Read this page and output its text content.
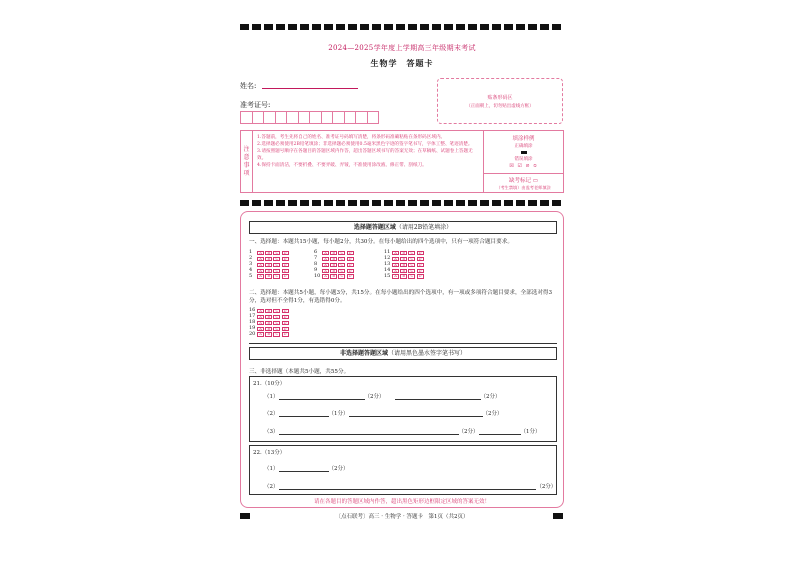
2024—2025学年度上学期高三年级期末考试
生物学　答题卡
姓名:
准考证号:
贴条形码区
（正面朝上，切勿贴出虚线方框）
注意事项
1.答题前，考生先将自己的姓名、准考证号码填写清楚，将条形码准确粘贴在条形码区域内。
2.选择题必须使用2B铅笔填涂；非选择题必须使用0.5毫米黑色字迹的签字笔书写，字体工整、笔迹清楚。
3.请按照题号顺序在各题目的答题区域内作答，超出答题区域书写的答案无效；在草稿纸、试题卷上答题无效。
4.保持卡面清洁，不要折叠、不要弄破、弄皱，不准使用涂改液、修正带、刮纸刀。
填涂样例
正确填涂
错误填涂
☒ ☑ ⊘ ⦸
缺考标记 ▭
（考生禁填）由监考老师填涂
选择题答题区域（请用2B铅笔填涂）
一、选择题：本题共15小题，每小题2分，共30分。在每小题给出的四个选项中，只有一项符合题目要求。
1	A	B	C	D
2	A	B	C	D
3	A	B	C	D
4	A	B	C	D
5	A	B	C	D
6	A	B	C	D
7	A	B	C	D
8	A	B	C	D
9	A	B	C	D
10	A	B	C	D
11	A	B	C	D
12	A	B	C	D
13	A	B	C	D
14	A	B	C	D
15	A	B	C	D
二、选择题：本题共5小题，每小题3分，共15分。在每小题给出的四个选项中，有一项或多项符合题目要求，全部选对得3分，选对但不全得1分，有选错得0分。
16	A	B	C	D
17	A	B	C	D
18	A	B	C	D
19	A	B	C	D
20	A	B	C	D
非选择题答题区域（请用黑色墨水签字笔书写）
三、非选择题（本题共5小题，共55分。
21.（10分）
（1）	（2分）	（2分）
（2）	（1分）	（2分）
（3）	（2分）	（1分）
22.（13分）
（1）	（2分）
（2）	（2分）
请在各题目的答题区域内作答，超出黑色矩形边框限定区域的答案无效！
〔点石联考〕高三 · 生物学 · 答题卡　第1页（共2页）
